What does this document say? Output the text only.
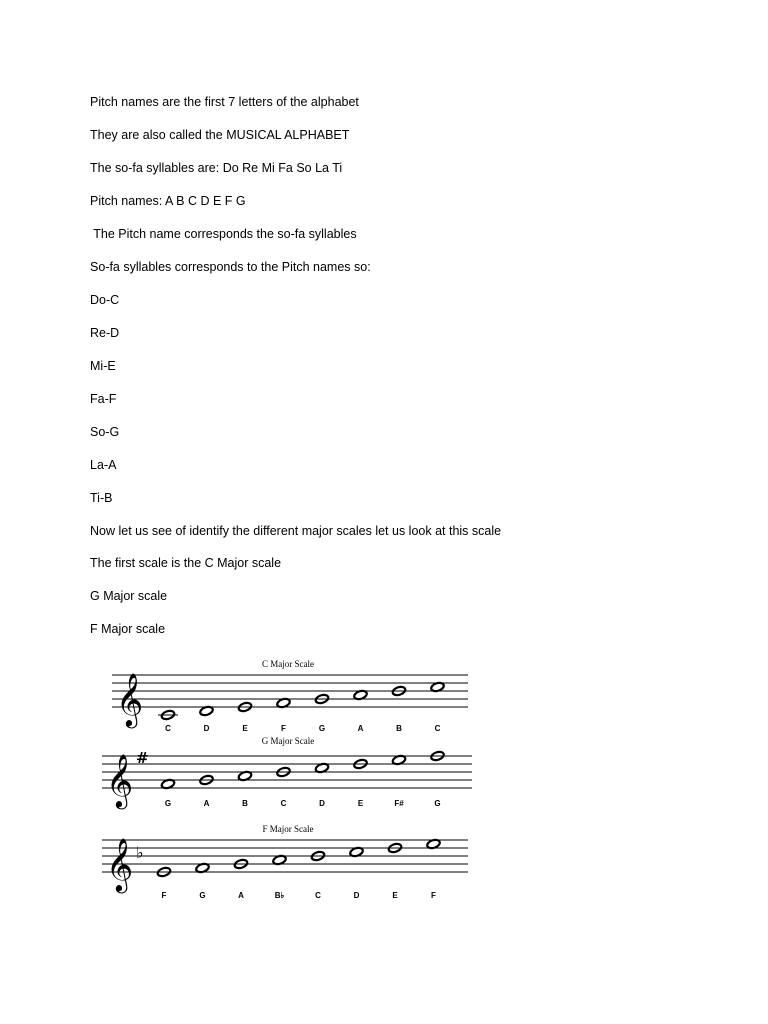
Pitch names are the first 7 letters of the alphabet
They are also called the MUSICAL ALPHABET
The so-fa syllables are: Do Re Mi Fa So La Ti
Pitch names: A B C D E F G
The Pitch name corresponds the so-fa syllables
So-fa syllables corresponds to the Pitch names so:
Do-C
Re-D
Mi-E
Fa-F
So-G
La-A
Ti-B
Now let us see of identify the different major scales let us look at this scale
The first scale is the C Major scale
G Major scale
F Major scale
C Major Scale
𝄞
C	D	E	F	G	A	B	C
G Major Scale
𝄞 #
G	A	B	C	D	E	F#	G
F Major Scale
𝄞 ♭
F	G	A	B♭	C	D	E	F
